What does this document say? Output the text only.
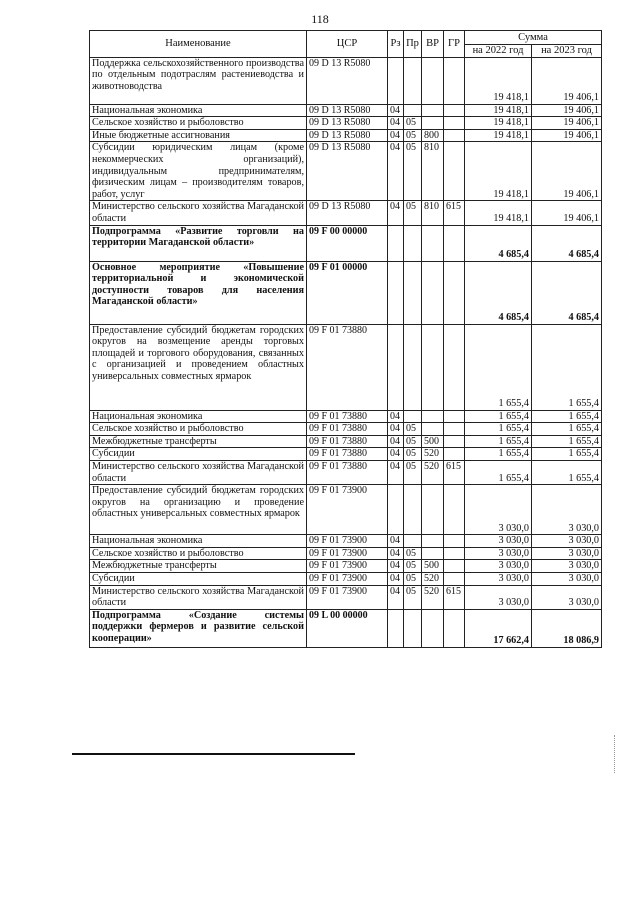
118
Наименование	ЦСР	Рз	Пр	ВР	ГР	Сумма	
						на 2022 год	на 2023 год
Поддержка сельскохозяйственного производства по отдельным подотраслям растениеводства и животноводства	09 D 13 R5080					19 418,1	19 406,1
Национальная экономика	09 D 13 R5080	04				19 418,1	19 406,1
Сельское хозяйство и рыболовство	09 D 13 R5080	04	05			19 418,1	19 406,1
Иные бюджетные ассигнования	09 D 13 R5080	04	05	800		19 418,1	19 406,1
Субсидии юридическим лицам (кроме некоммерческих организаций), индивидуальным предпринимателям, физическим лицам – производителям товаров, работ, услуг	09 D 13 R5080	04	05	810		19 418,1	19 406,1
Министерство сельского хозяйства Магаданской области	09 D 13 R5080	04	05	810	615	19 418,1	19 406,1
Подпрограмма «Развитие торговли на территории Магаданской области»	09 F 00 00000					4 685,4	4 685,4
Основное мероприятие «Повышение территориальной и экономической доступности товаров для населения Магаданской области»	09 F 01 00000					4 685,4	4 685,4
Предоставление субсидий бюджетам городских округов на возмещение аренды торговых площадей и торгового оборудования, связанных с организацией и проведением областных универсальных совместных ярмарок	09 F 01 73880					1 655,4	1 655,4
Национальная экономика	09 F 01 73880	04				1 655,4	1 655,4
Сельское хозяйство и рыболовство	09 F 01 73880	04	05			1 655,4	1 655,4
Межбюджетные трансферты	09 F 01 73880	04	05	500		1 655,4	1 655,4
Субсидии	09 F 01 73880	04	05	520		1 655,4	1 655,4
Министерство сельского хозяйства Магаданской области	09 F 01 73880	04	05	520	615	1 655,4	1 655,4
Предоставление субсидий бюджетам городских округов на организацию и проведение областных универсальных совместных ярмарок	09 F 01 73900					3 030,0	3 030,0
Национальная экономика	09 F 01 73900	04				3 030,0	3 030,0
Сельское хозяйство и рыболовство	09 F 01 73900	04	05			3 030,0	3 030,0
Межбюджетные трансферты	09 F 01 73900	04	05	500		3 030,0	3 030,0
Субсидии	09 F 01 73900	04	05	520		3 030,0	3 030,0
Министерство сельского хозяйства Магаданской области	09 F 01 73900	04	05	520	615	3 030,0	3 030,0
Подпрограмма «Создание системы поддержки фермеров и развитие сельской кооперации»	09 L 00 00000					17 662,4	18 086,9
